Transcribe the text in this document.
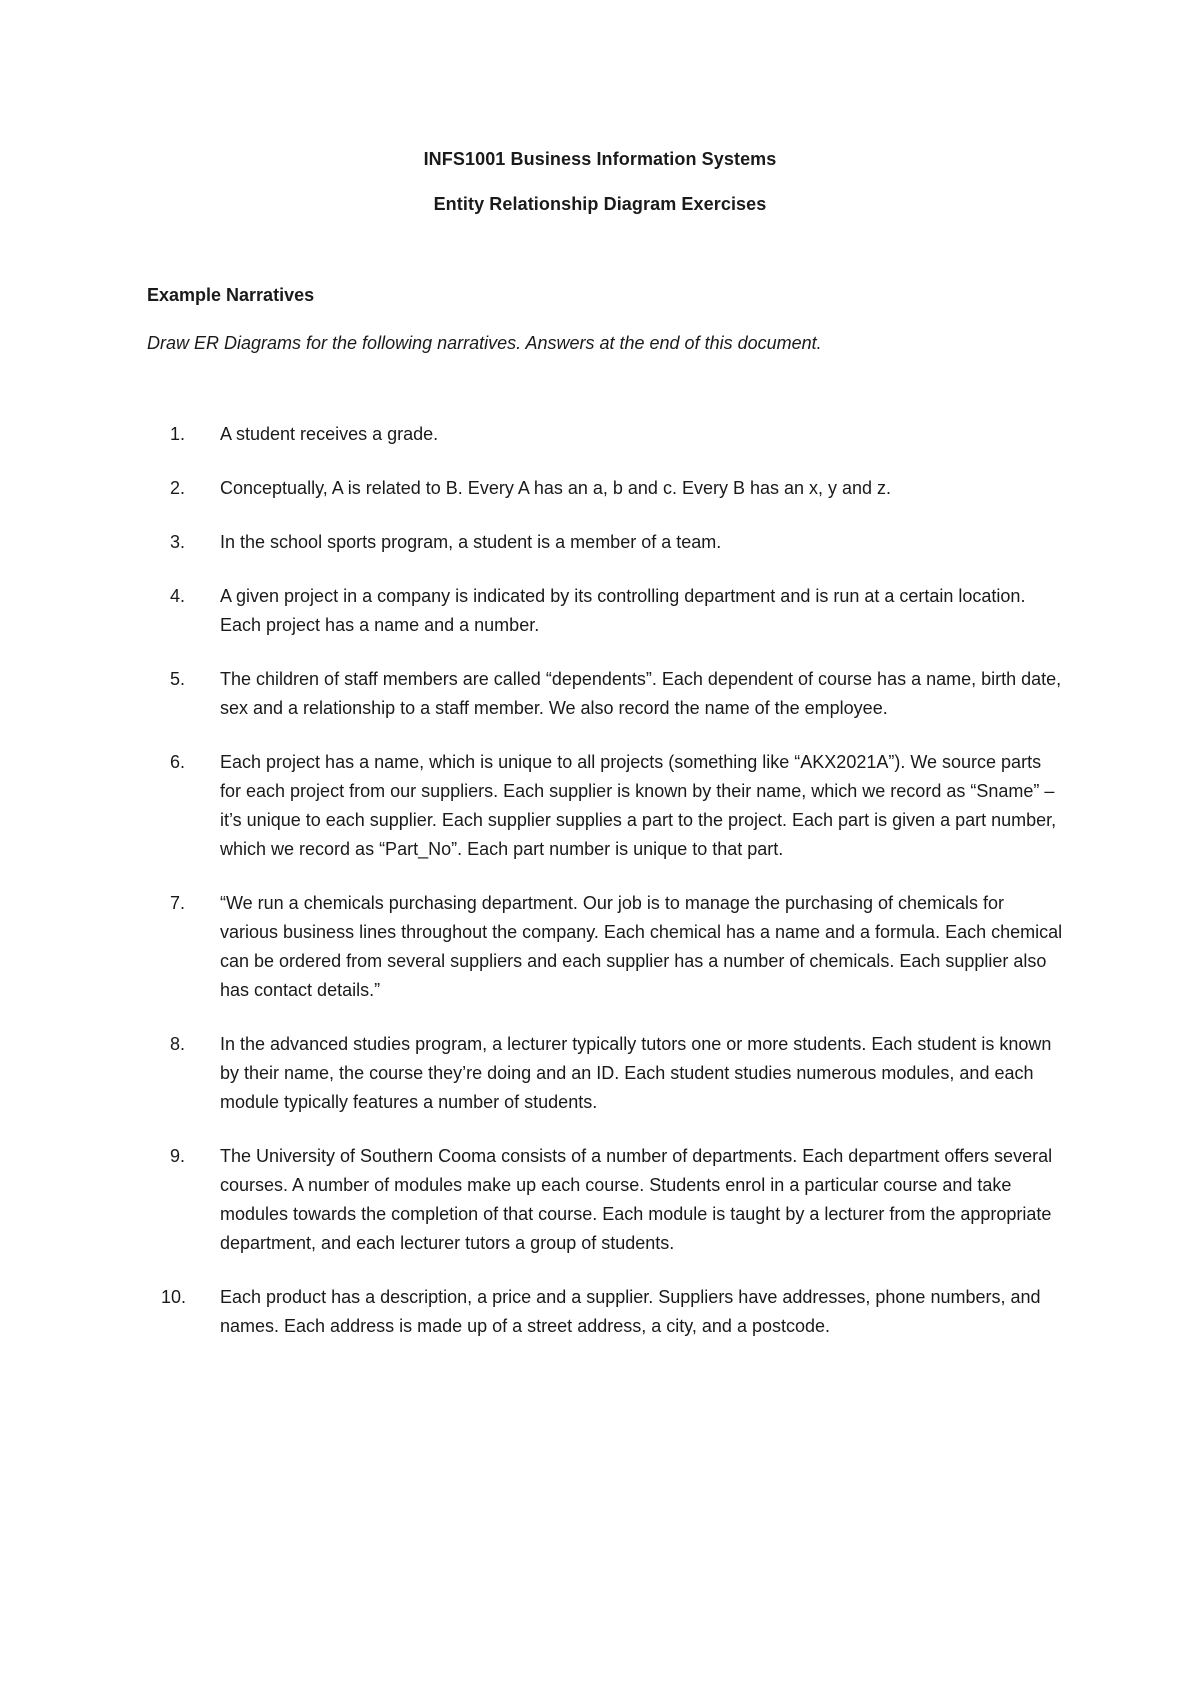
INFS1001 Business Information Systems
Entity Relationship Diagram Exercises
Example Narratives
Draw ER Diagrams for the following narratives. Answers at the end of this document.
1.	A student receives a grade.
2.	Conceptually, A is related to B. Every A has an a, b and c. Every B has an x, y and z.
3.	In the school sports program, a student is a member of a team.
4.	A given project in a company is indicated by its controlling department and is run at a certain location. Each project has a name and a number.
5.	The children of staff members are called “dependents”. Each dependent of course has a name, birth date, sex and a relationship to a staff member. We also record the name of the employee.
6.	Each project has a name, which is unique to all projects (something like “AKX2021A”). We source parts for each project from our suppliers. Each supplier is known by their name, which we record as “Sname” – it’s unique to each supplier. Each supplier supplies a part to the project. Each part is given a part number, which we record as “Part_No”. Each part number is unique to that part.
7.	“We run a chemicals purchasing department. Our job is to manage the purchasing of chemicals for various business lines throughout the company. Each chemical has a name and a formula. Each chemical can be ordered from several suppliers and each supplier has a number of chemicals. Each supplier also has contact details.”
8.	In the advanced studies program, a lecturer typically tutors one or more students. Each student is known by their name, the course they’re doing and an ID. Each student studies numerous modules, and each module typically features a number of students.
9.	The University of Southern Cooma consists of a number of departments. Each department offers several courses. A number of modules make up each course. Students enrol in a particular course and take modules towards the completion of that course. Each module is taught by a lecturer from the appropriate department, and each lecturer tutors a group of students.
10.	Each product has a description, a price and a supplier. Suppliers have addresses, phone numbers, and names. Each address is made up of a street address, a city, and a postcode.
